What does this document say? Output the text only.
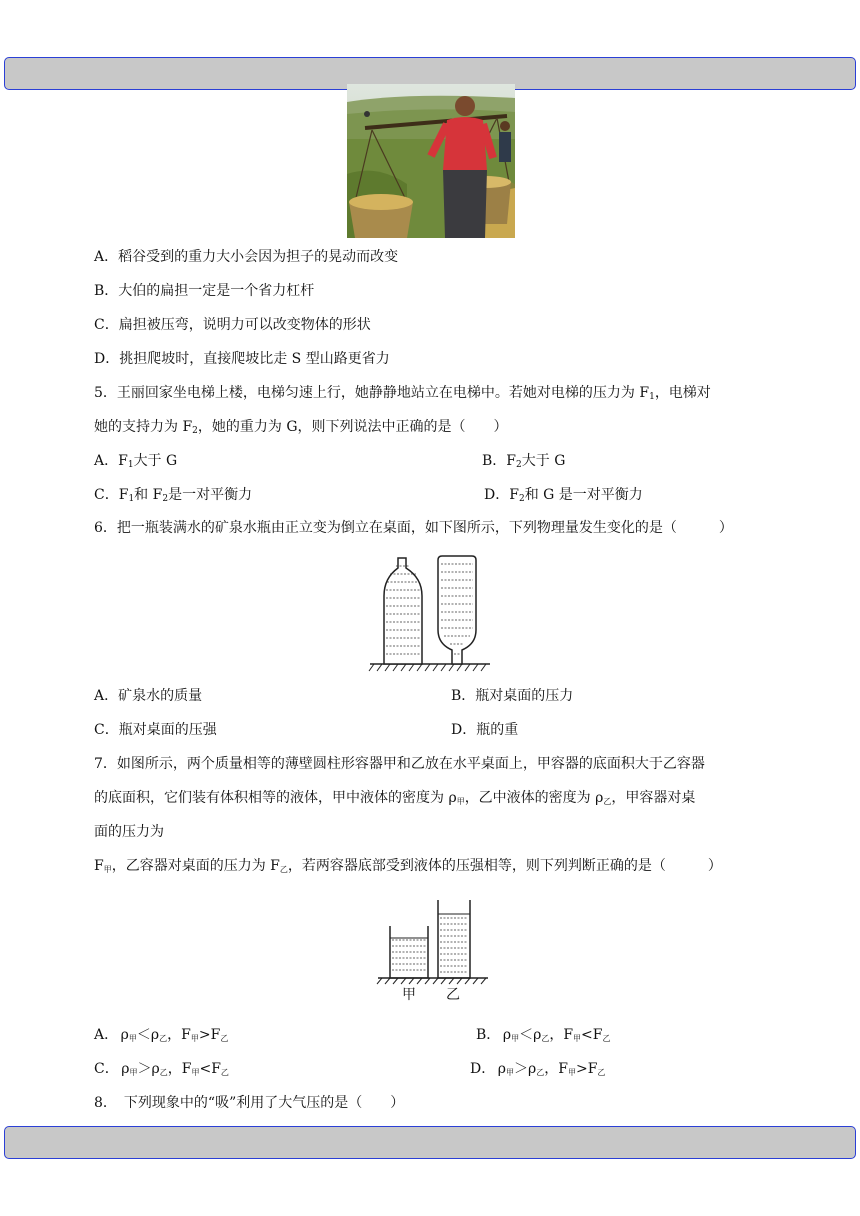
A．稻谷受到的重力大小会因为担子的晃动而改变
B．大伯的扁担一定是一个省力杠杆
C．扁担被压弯，说明力可以改变物体的形状
D．挑担爬坡时，直接爬坡比走 S 型山路更省力
5．王丽回家坐电梯上楼，电梯匀速上行，她静静地站立在电梯中。若她对电梯的压力为 $F_1$，电梯对
她的支持力为 $F_2$，她的重力为 G，则下列说法中正确的是（　　）
A．$F_1$大于 G	B．$F_2$大于 G
C．$F_1$和 $F_2$是一对平衡力	D．$F_2$和 G 是一对平衡力
6．把一瓶装满水的矿泉水瓶由正立变为倒立在桌面，如下图所示，下列物理量发生变化的是（　　　）
A．矿泉水的质量	B．瓶对桌面的压力
C．瓶对桌面的压强	D．瓶的重
7．如图所示，两个质量相等的薄壁圆柱形容器甲和乙放在水平桌面上，甲容器的底面积大于乙容器
的底面积，它们装有体积相等的液体，甲中液体的密度为 ρ甲，乙中液体的密度为 ρ乙，甲容器对桌
面的压力为
F甲，乙容器对桌面的压力为 F乙，若两容器底部受到液体的压强相等，则下列判断正确的是（　　　）
甲 乙
A． ρ甲＜ρ乙，F甲>F乙	B． ρ甲＜ρ乙，F甲<F乙
C． ρ甲＞ρ乙，F甲<F乙	D． ρ甲＞ρ乙，F甲>F乙
8．　下列现象中的“吸”利用了大气压的是（　　）
